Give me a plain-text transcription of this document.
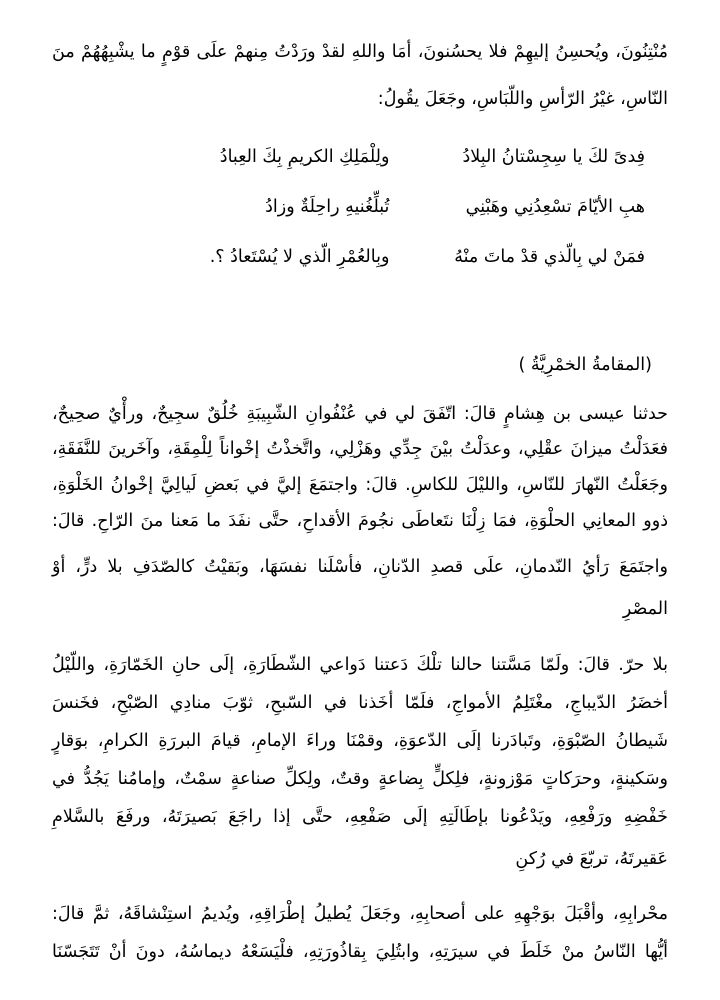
مُنْتِنُونَ، ويُحسِنُ إليهِمْ فلا يحسُنونَ، أمَا واللهِ لقدْ ورَدْتُ مِنهمْ علَى قوْمٍ ما يشْبِهُهُمْ منَ
النّاسِ، غيْرُ الرّأسِ واللّبَاسِ، وجَعَلَ يقُولُ:
فِدىً لكَ يا سِجِسْتانُ البِلادُ ولِلْمَلِكِ الكريمِ بِكَ العِبادُ
هبِ الأيّامَ تسْعِدُنِي وهَبْنِي تُبلِّغُنيهِ راحِلَةٌ وزادُ
فمَنْ لي بِالّذي قدْ ماتَ منْهُ وبِالعُمْرِ الّذي لا يُسْتَعادُ ؟.
(المقامةُ الخمْرِيَّةُ )
حدثنا عيسى بن هِشامٍ قالَ: اتّفَقَ لي في عُنْفُوانِ الشّبِيبَةِ خُلُقٌ سجِيحٌ، ورأْيٌ صحِيحٌ،
فعَدَلْتُ ميزانَ عقْلِي، وعدَلْتُ بيْنَ جِدِّي وهَزْلِي، واتَّخذْتُ إخْواناً لِلْمِقَةِ، وآخَرينَ للنَّفَقَةِ،
وجَعَلْتُ النّهارَ للنّاسِ، والليْلَ للكاسِ. قالَ: واجتمَعَ إليَّ في بَعضِ لَيالِيَّ إخْوانُ الخَلْوَةِ،
ذوو المعانِي الحلْوَةِ، فمَا زِلْنَا نتَعاطَى نجُومَ الأقداحِ، حتَّى نفَدَ ما مَعنا منَ الرّاحِ. قالَ:
واجتَمَعَ رَأيُ النّدمانِ، علَى قصدِ الدّنانِ، فأسْلَنا نفسَهَا، وبَقيْتُ كالصّدَفِ بلا درٍّ، أوْ
المصْرِ
بلا حرّ. قالَ: ولَمّا مَسَّتنا حالنا تلْكَ دَعتنا دَواعي الشّطَارَةِ، إلَى حانِ الخَمّارَةِ، واللّيْلُ
أخضَرُ الدّيباجِ، مغْتَلِمُ الأمواجِ، فلَمّا أخَذنا في السّبحِ، ثوّبَ منادِي الصّبْحِ، فخَنسَ
شَيطانُ الصّبْوَةِ، وتَبادَرنا إلَى الدّعوَةِ، وقمْنَا وراءَ الإمامِ، قيامَ البررَةِ الكرامِ، بوَقارٍ
وسَكينةٍ، وحرَكاتٍ مَوْزونةٍ، فلِكلٍّ بِضاعةٍ وقتٌ، ولِكلِّ صناعةٍ سمْتٌ، وإمامُنا يَجُدُّ في
خَفْضِهِ ورَفْعِهِ، ويَدْعُونا بإطَالَتِهِ إلَى صَفْعِهِ، حتَّى إذا راجَعَ بَصيرَتَهُ، ورفَعَ بالسَّلامِ
عَقيرتَهُ، تربّعَ في رُكنِ
محْرابِهِ، وأقْبَلَ بوَجْهِهِ على أصحابِهِ، وجَعَلَ يُطيلُ إطْرَاقِهِ، ويُديمُ استِنْشاقَهُ، ثمَّ قالَ:
أيُّها النّاسُ منْ خَلَطَ في سيرَتِهِ، وابتُلِيَ بِقاذُورَتِهِ، فلْيَسَعْهُ ديماسُهُ، دونَ أنْ تَتَجَسّنَا
